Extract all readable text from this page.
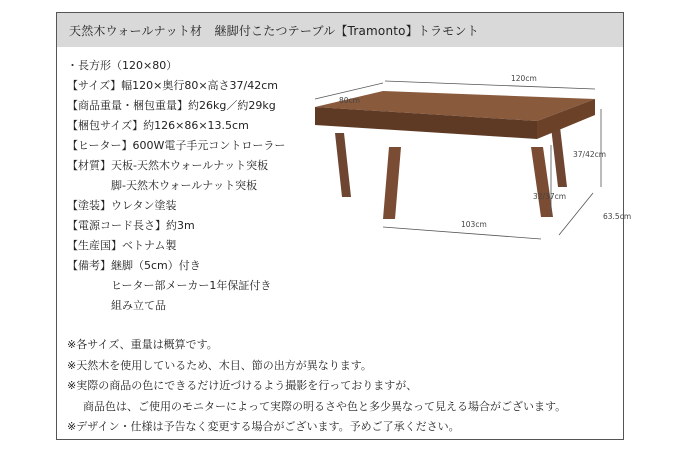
天然木ウォールナット材　継脚付こたつテーブル【Tramonto】トラモント
・長方形（120×80）
【サイズ】幅120×奥行80×高さ37/42cm
【商品重量・梱包重量】約26kg／約29kg
【梱包サイズ】約126×86×13.5cm
【ヒーター】600W電子手元コントローラー
【材質】天板-天然木ウォールナット突板
脚-天然木ウォールナット突板
【塗装】ウレタン塗装
【電源コード長さ】約3m
【生産国】ベトナム製
【備考】継脚（5cm）付き
ヒーター部メーカー1年保証付き
組み立て品
120cm
80cm
37/42cm
32/37cm
103cm
63.5cm
※各サイズ、重量は概算です。
※天然木を使用しているため、木目、節の出方が異なります。
※実際の商品の色にできるだけ近づけるよう撮影を行っておりますが、
商品色は、ご使用のモニターによって実際の明るさや色と多少異なって見える場合がございます。
※デザイン・仕様は予告なく変更する場合がございます。予めご了承ください。
